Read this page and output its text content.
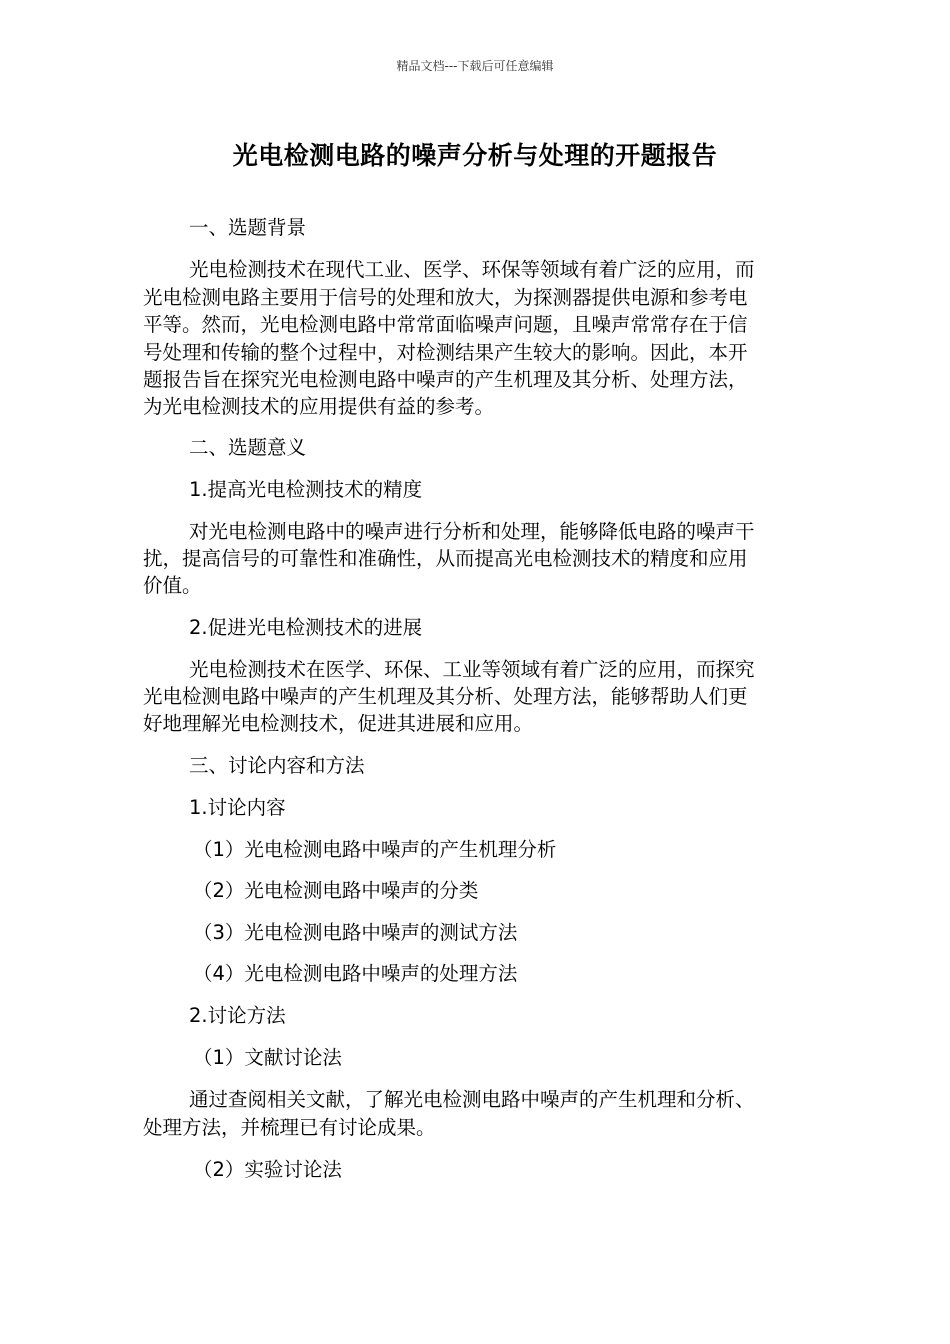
精品文档---下载后可任意编辑
光电检测电路的噪声分析与处理的开题报告
一、选题背景
光电检测技术在现代工业、医学、环保等领域有着广泛的应用，而
光电检测电路主要用于信号的处理和放大，为探测器提供电源和参考电
平等。然而，光电检测电路中常常面临噪声问题，且噪声常常存在于信
号处理和传输的整个过程中，对检测结果产生较大的影响。因此，本开
题报告旨在探究光电检测电路中噪声的产生机理及其分析、处理方法，
为光电检测技术的应用提供有益的参考。
二、选题意义
1.提高光电检测技术的精度
对光电检测电路中的噪声进行分析和处理，能够降低电路的噪声干
扰，提高信号的可靠性和准确性，从而提高光电检测技术的精度和应用
价值。
2.促进光电检测技术的进展
光电检测技术在医学、环保、工业等领域有着广泛的应用，而探究
光电检测电路中噪声的产生机理及其分析、处理方法，能够帮助人们更
好地理解光电检测技术，促进其进展和应用。
三、讨论内容和方法
1.讨论内容
（1）光电检测电路中噪声的产生机理分析
（2）光电检测电路中噪声的分类
（3）光电检测电路中噪声的测试方法
（4）光电检测电路中噪声的处理方法
2.讨论方法
（1）文献讨论法
通过查阅相关文献，了解光电检测电路中噪声的产生机理和分析、
处理方法，并梳理已有讨论成果。
（2）实验讨论法
